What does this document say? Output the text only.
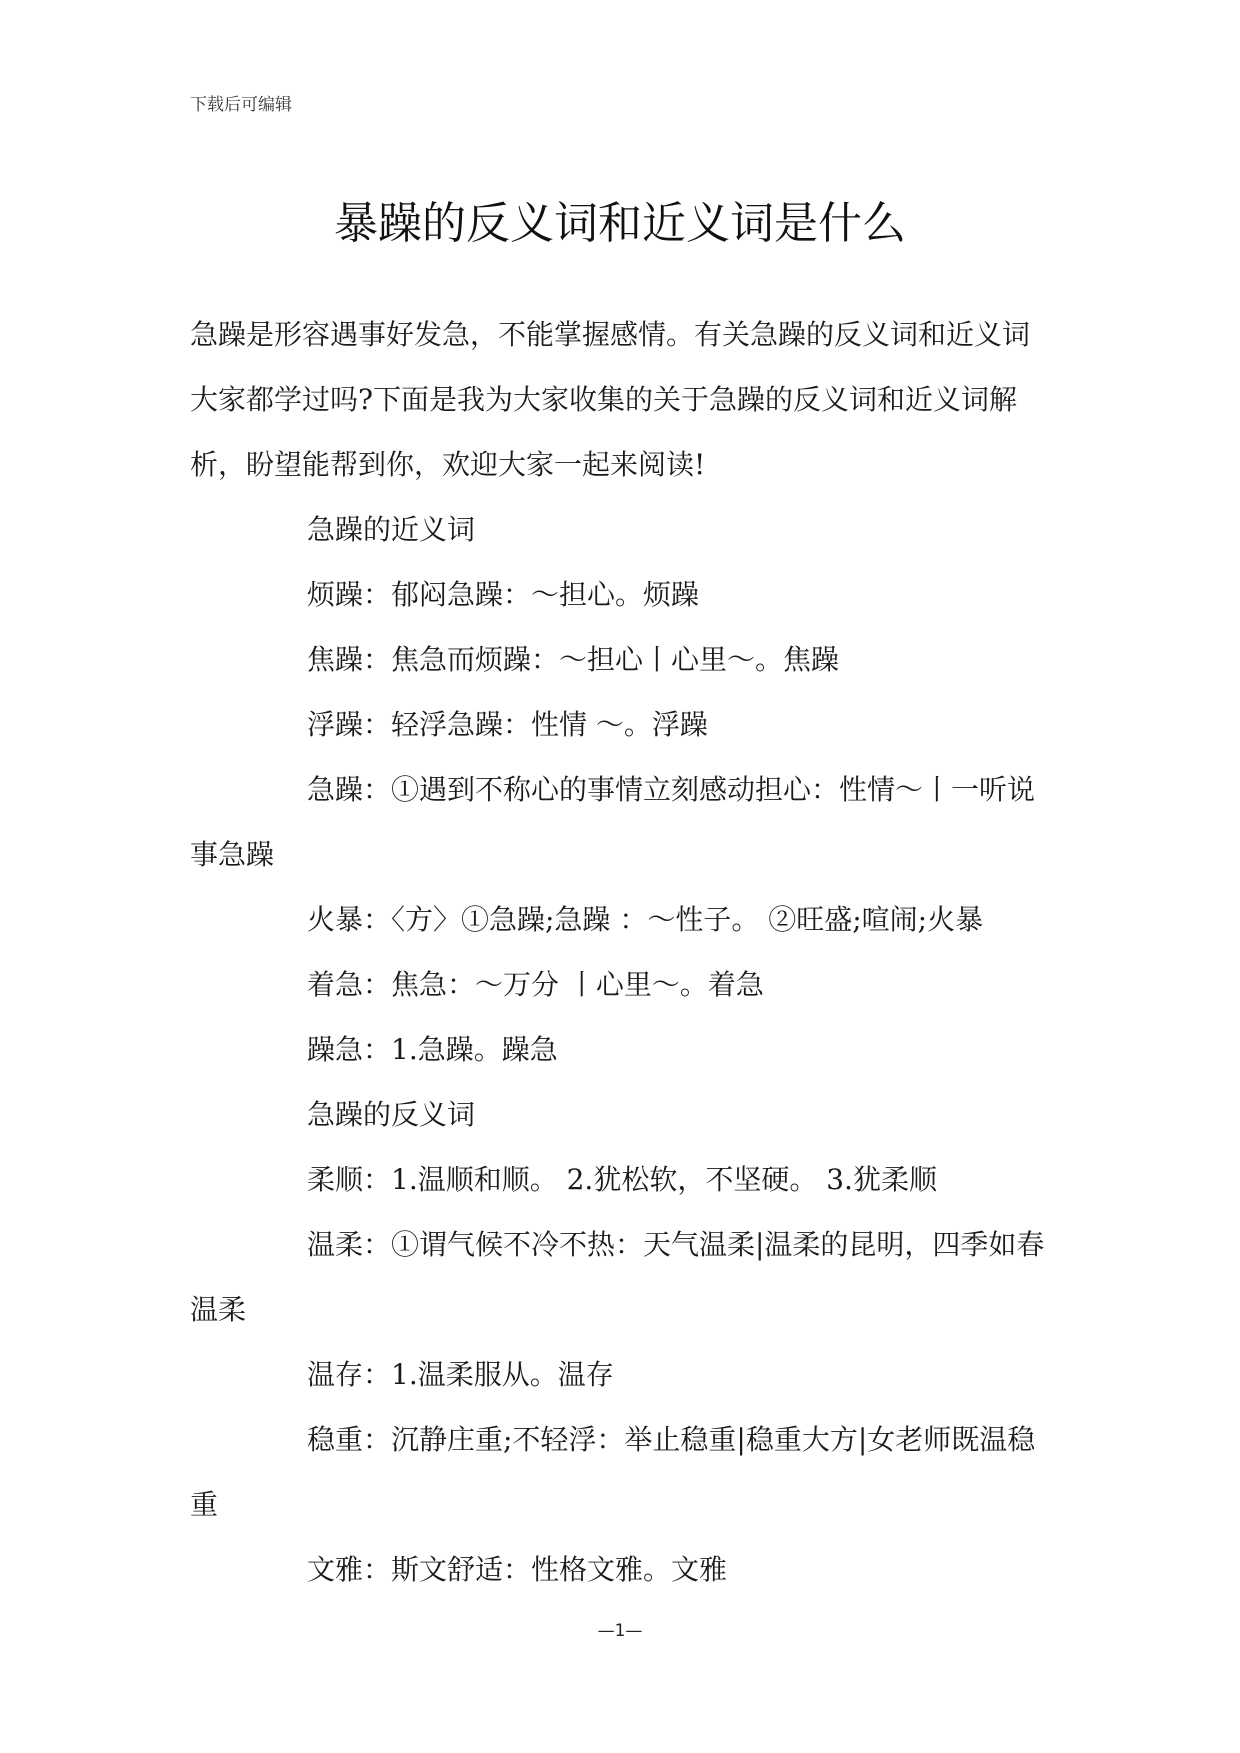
下载后可编辑
暴躁的反义词和近义词是什么

急躁是形容遇事好发急，不能掌握感情。有关急躁的反义词和近义词大家都学过吗?下面是我为大家收集的关于急躁的反义词和近义词解析，盼望能帮到你，欢迎大家一起来阅读!

急躁的近义词

烦躁：郁闷急躁：～担心。烦躁

焦躁：焦急而烦躁：～担心丨心里～。焦躁

浮躁：轻浮急躁：性情 ～。浮躁

急躁：①遇到不称心的事情立刻感动担心：性情～丨一听说事急躁

火暴：〈方〉①急躁;急躁 ：～性子。 ②旺盛;喧闹;火暴

着急：焦急：～万分 丨心里～。着急

躁急：1.急躁。躁急

急躁的反义词

柔顺：1.温顺和顺。 2.犹松软，不坚硬。 3.犹柔顺

温柔：①谓气候不冷不热：天气温柔|温柔的昆明，四季如春温柔

温存：1.温柔服从。温存

稳重：沉静庄重;不轻浮：举止稳重|稳重大方|女老师既温稳重

文雅：斯文舒适：性格文雅。文雅

—1—
